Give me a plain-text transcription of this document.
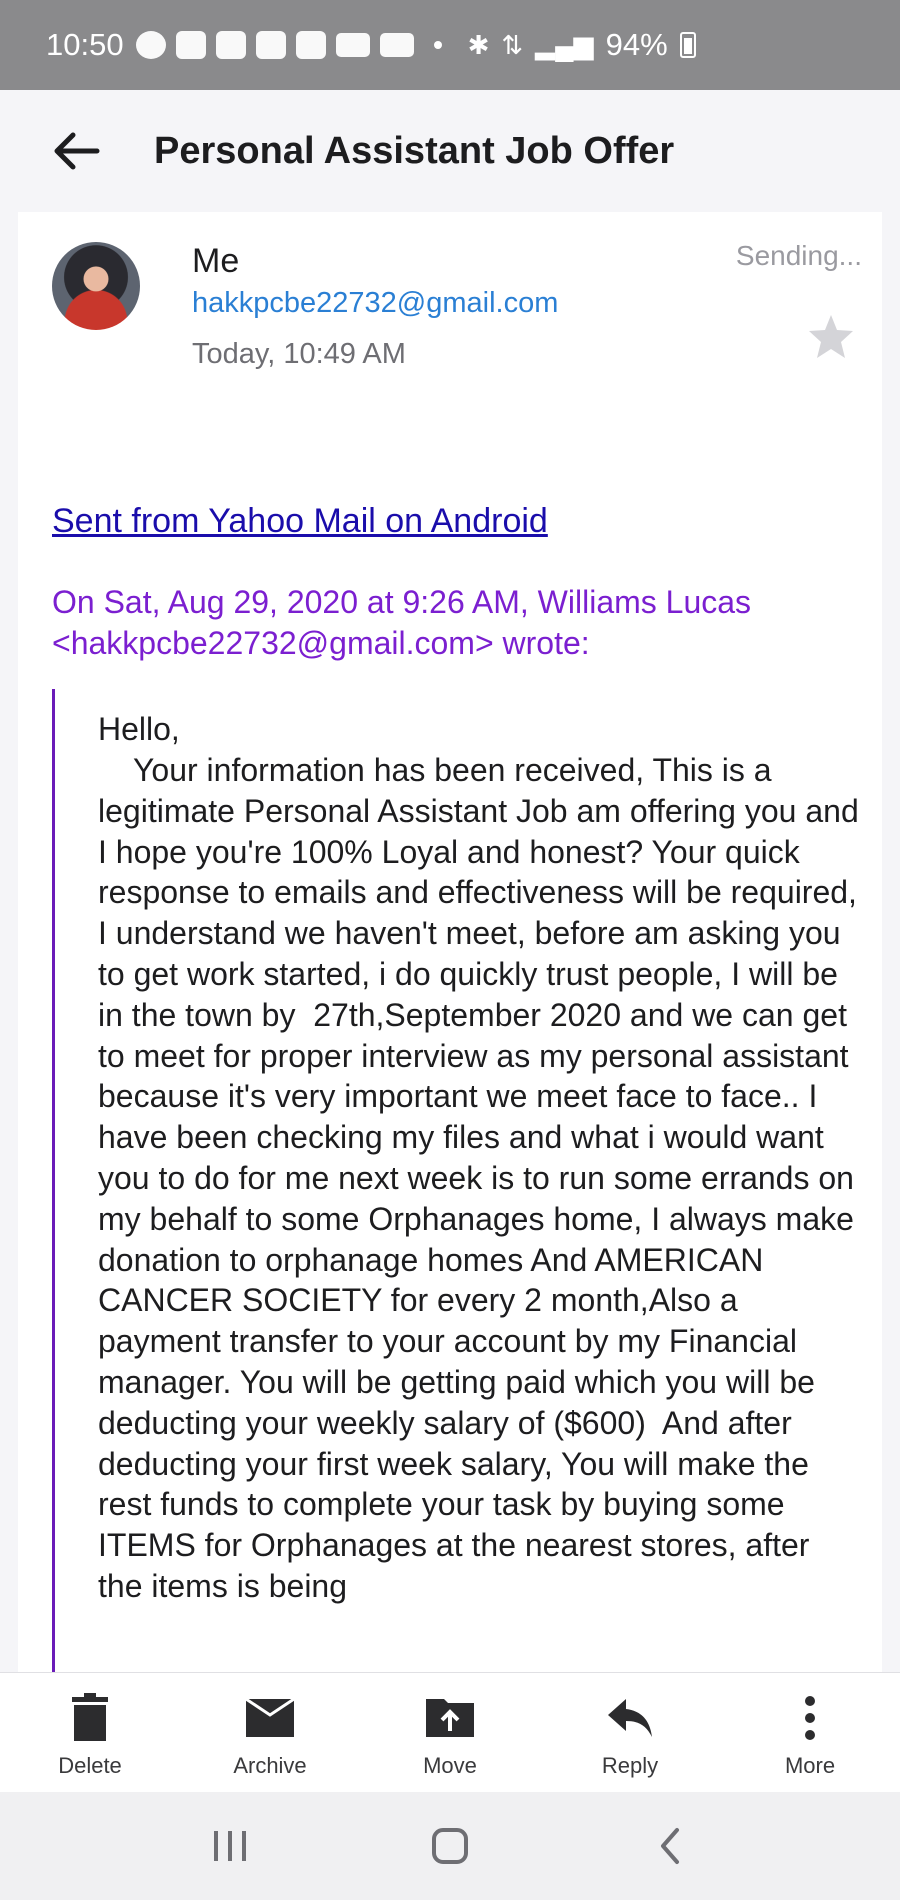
10:50	✱ ⇅ ▂▄▆ 94%
Personal Assistant Job Offer
Me
hakkpcbe22732@gmail.com
Today, 10:49 AM
Sending...
Sent from Yahoo Mail on Android
On Sat, Aug 29, 2020 at 9:26 AM, Williams Lucas
<hakkpcbe22732@gmail.com> wrote:
Hello,
Your information has been received, This is a legitimate Personal Assistant Job am offering you and I hope you're 100% Loyal and honest? Your quick response to emails and effectiveness will be required, I understand we haven't meet, before am asking you to get work started, i do quickly trust people, I will be in the town by  27th,September 2020 and we can get to meet for proper interview as my personal assistant because it's very important we meet face to face.. I have been checking my files and what i would want you to do for me next week is to run some errands on my behalf to some Orphanages home, I always make donation to orphanage homes And AMERICAN CANCER SOCIETY for every 2 month,Also a payment transfer to your account by my Financial manager. You will be getting paid which you will be deducting your weekly salary of ($600)  And after deducting your first week salary, You will make the rest funds to complete your task by buying some ITEMS for Orphanages at the nearest stores, after the items is being
Delete	Archive	Move	Reply	More
